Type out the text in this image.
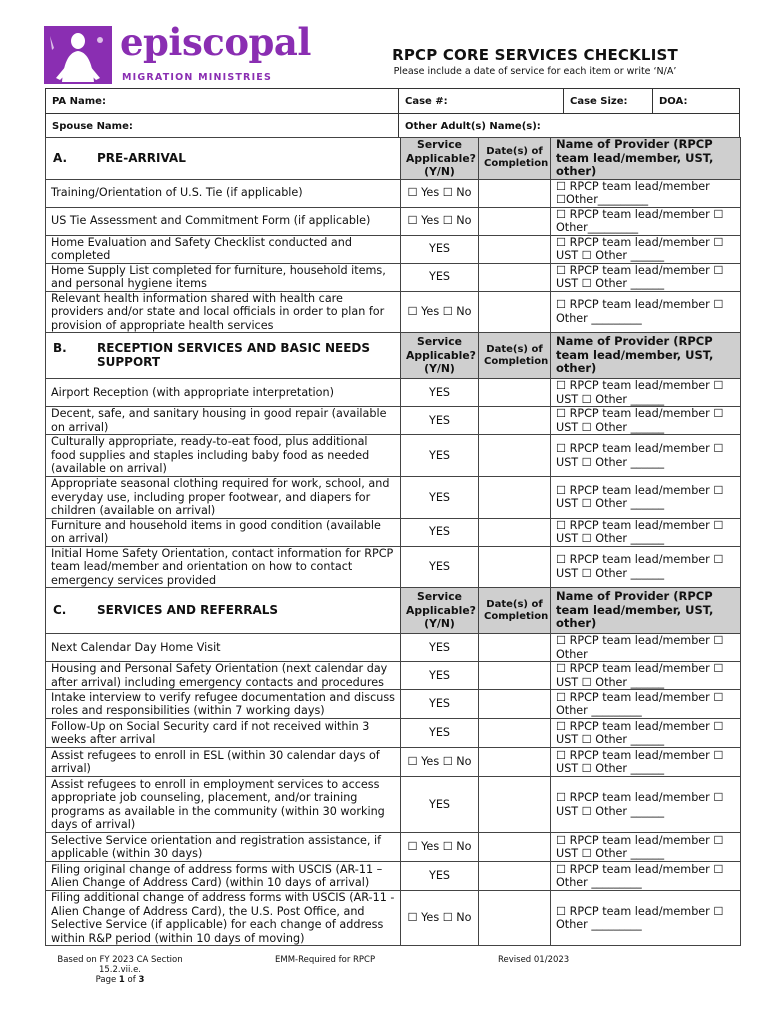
episcopal
MIGRATION MINISTRIES
RPCP CORE SERVICES CHECKLIST
Please include a date of service for each item or write ‘N/A’
PA Name:	Case #:	Case Size:	DOA:
Spouse Name:	Other Adult(s) Name(s):		
A. PRE-ARRIVAL	Service Applicable? (Y/N)	Date(s) of Completion	Name of Provider (RPCP team lead/member, UST, other)
Training/Orientation of U.S. Tie (if applicable)	☐ Yes ☐ No		☐ RPCP team lead/member ☐Other_________
US Tie Assessment and Commitment Form (if applicable)	☐ Yes ☐ No		☐ RPCP team lead/member ☐ Other_________
Home Evaluation and Safety Checklist conducted and completed	YES		☐ RPCP team lead/member ☐ UST ☐ Other ______
Home Supply List completed for furniture, household items, and personal hygiene items	YES		☐ RPCP team lead/member ☐ UST ☐ Other ______
Relevant health information shared with health care providers and/or state and local officials in order to plan for provision of appropriate health services	☐ Yes ☐ No		☐ RPCP team lead/member ☐ Other _________

B. RECEPTION SERVICES AND BASIC NEEDS SUPPORT	Service Applicable? (Y/N)	Date(s) of Completion	Name of Provider (RPCP team lead/member, UST, other)
Airport Reception (with appropriate interpretation)	YES		☐ RPCP team lead/member ☐ UST ☐ Other ______
Decent, safe, and sanitary housing in good repair (available on arrival)	YES		☐ RPCP team lead/member ☐ UST ☐ Other ______
Culturally appropriate, ready-to-eat food, plus additional food supplies and staples including baby food as needed (available on arrival)	YES		☐ RPCP team lead/member ☐ UST ☐ Other ______
Appropriate seasonal clothing required for work, school, and everyday use, including proper footwear, and diapers for children (available on arrival)	YES		☐ RPCP team lead/member ☐ UST ☐ Other ______
Furniture and household items in good condition (available on arrival)	YES		☐ RPCP team lead/member ☐ UST ☐ Other ______
Initial Home Safety Orientation, contact information for RPCP team lead/member and orientation on how to contact emergency services provided	YES		☐ RPCP team lead/member ☐ UST ☐ Other ______

C. SERVICES AND REFERRALS	Service Applicable? (Y/N)	Date(s) of Completion	Name of Provider (RPCP team lead/member, UST, other)
Next Calendar Day Home Visit	YES		☐ RPCP team lead/member ☐ Other
Housing and Personal Safety Orientation (next calendar day after arrival) including emergency contacts and procedures	YES		☐ RPCP team lead/member ☐ UST ☐ Other ______
Intake interview to verify refugee documentation and discuss roles and responsibilities (within 7 working days)	YES		☐ RPCP team lead/member ☐ Other _________
Follow-Up on Social Security card if not received within 3 weeks after arrival	YES		☐ RPCP team lead/member ☐ UST ☐ Other ______
Assist refugees to enroll in ESL (within 30 calendar days of arrival)	☐ Yes ☐ No		☐ RPCP team lead/member ☐ UST ☐ Other ______
Assist refugees to enroll in employment services to access appropriate job counseling, placement, and/or training programs as available in the community (within 30 working days of arrival)	YES		☐ RPCP team lead/member ☐ UST ☐ Other ______
Selective Service orientation and registration assistance, if applicable (within 30 days)	☐ Yes ☐ No		☐ RPCP team lead/member ☐ UST ☐ Other ______
Filing original change of address forms with USCIS (AR-11 – Alien Change of Address Card) (within 10 days of arrival)	YES		☐ RPCP team lead/member ☐ Other _________
Filing additional change of address forms with USCIS (AR-11 - Alien Change of Address Card), the U.S. Post Office, and Selective Service (if applicable) for each change of address within R&P period (within 10 days of moving)	☐ Yes ☐ No		☐ RPCP team lead/member ☐ Other _________
Based on FY 2023 CA Section 15.2.vii.e.
Page 1 of 3
EMM-Required for RPCP	Revised 01/2023
